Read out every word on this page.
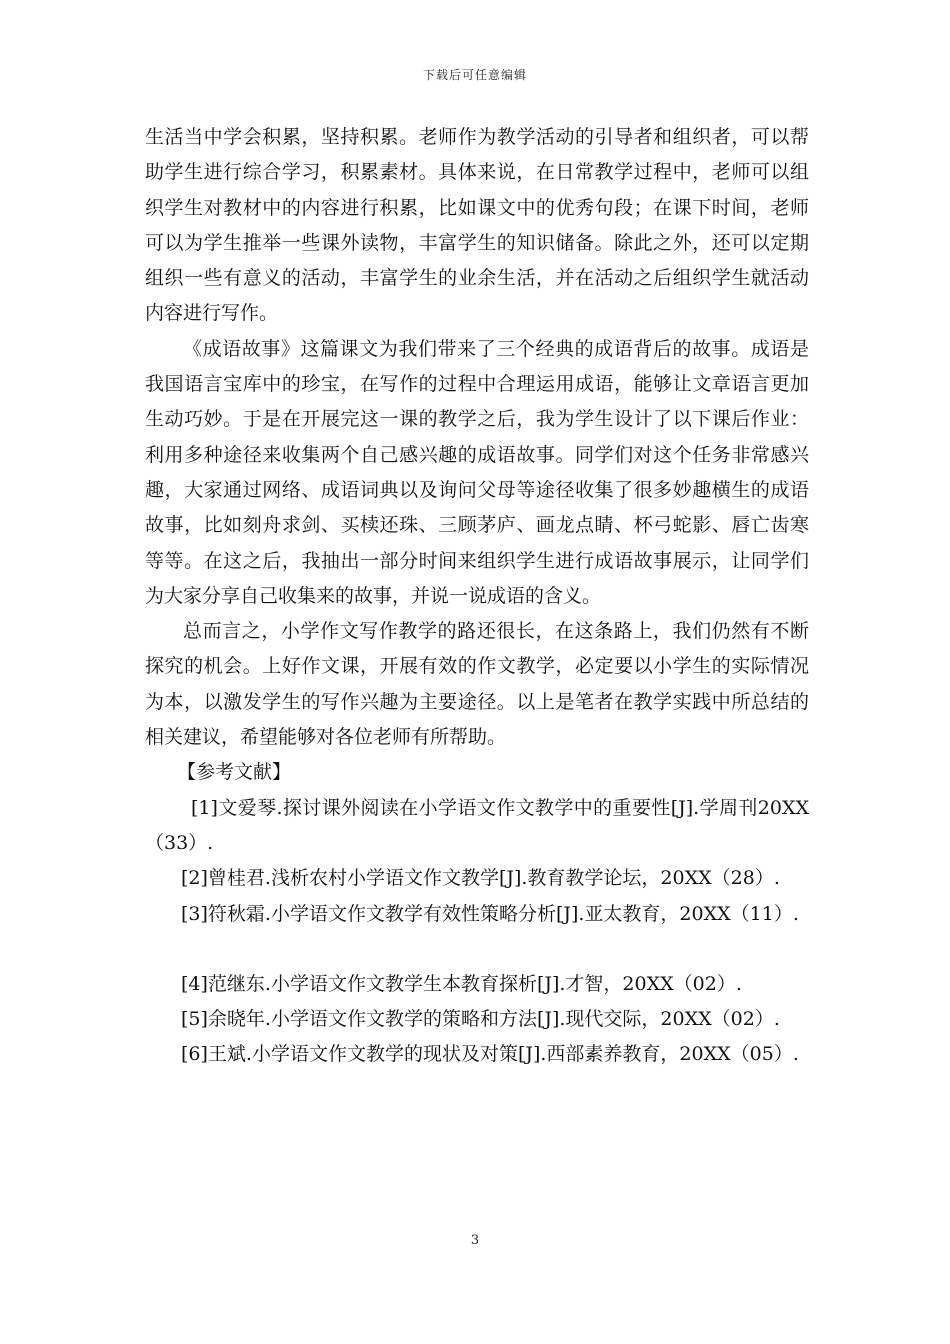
下载后可任意编辑

生活当中学会积累，坚持积累。老师作为教学活动的引导者和组织者，可以帮助学生进行综合学习，积累素材。具体来说，在日常教学过程中，老师可以组织学生对教材中的内容进行积累，比如课文中的优秀句段；在课下时间，老师可以为学生推举一些课外读物，丰富学生的知识储备。除此之外，还可以定期组织一些有意义的活动，丰富学生的业余生活，并在活动之后组织学生就活动内容进行写作。

《成语故事》这篇课文为我们带来了三个经典的成语背后的故事。成语是我国语言宝库中的珍宝，在写作的过程中合理运用成语，能够让文章语言更加生动巧妙。于是在开展完这一课的教学之后，我为学生设计了以下课后作业：利用多种途径来收集两个自己感兴趣的成语故事。同学们对这个任务非常感兴趣，大家通过网络、成语词典以及询问父母等途径收集了很多妙趣横生的成语故事，比如刻舟求剑、买椟还珠、三顾茅庐、画龙点睛、杯弓蛇影、唇亡齿寒等等。在这之后，我抽出一部分时间来组织学生进行成语故事展示，让同学们为大家分享自己收集来的故事，并说一说成语的含义。

总而言之，小学作文写作教学的路还很长，在这条路上，我们仍然有不断探究的机会。上好作文课，开展有效的作文教学，必定要以小学生的实际情况为本，以激发学生的写作兴趣为主要途径。以上是笔者在教学实践中所总结的相关建议，希望能够对各位老师有所帮助。

【参考文献】

[1]文爱琴.探讨课外阅读在小学语文作文教学中的重要性[J].学周刊20XX（33）.

[2]曾桂君.浅析农村小学语文作文教学[J].教育教学论坛，20XX（28）.

[3]符秋霜.小学语文作文教学有效性策略分析[J].亚太教育，20XX（11）.

[4]范继东.小学语文作文教学生本教育探析[J].才智，20XX（02）.

[5]余晓年.小学语文作文教学的策略和方法[J].现代交际，20XX（02）.

[6]王斌.小学语文作文教学的现状及对策[J].西部素养教育，20XX（05）.

3
